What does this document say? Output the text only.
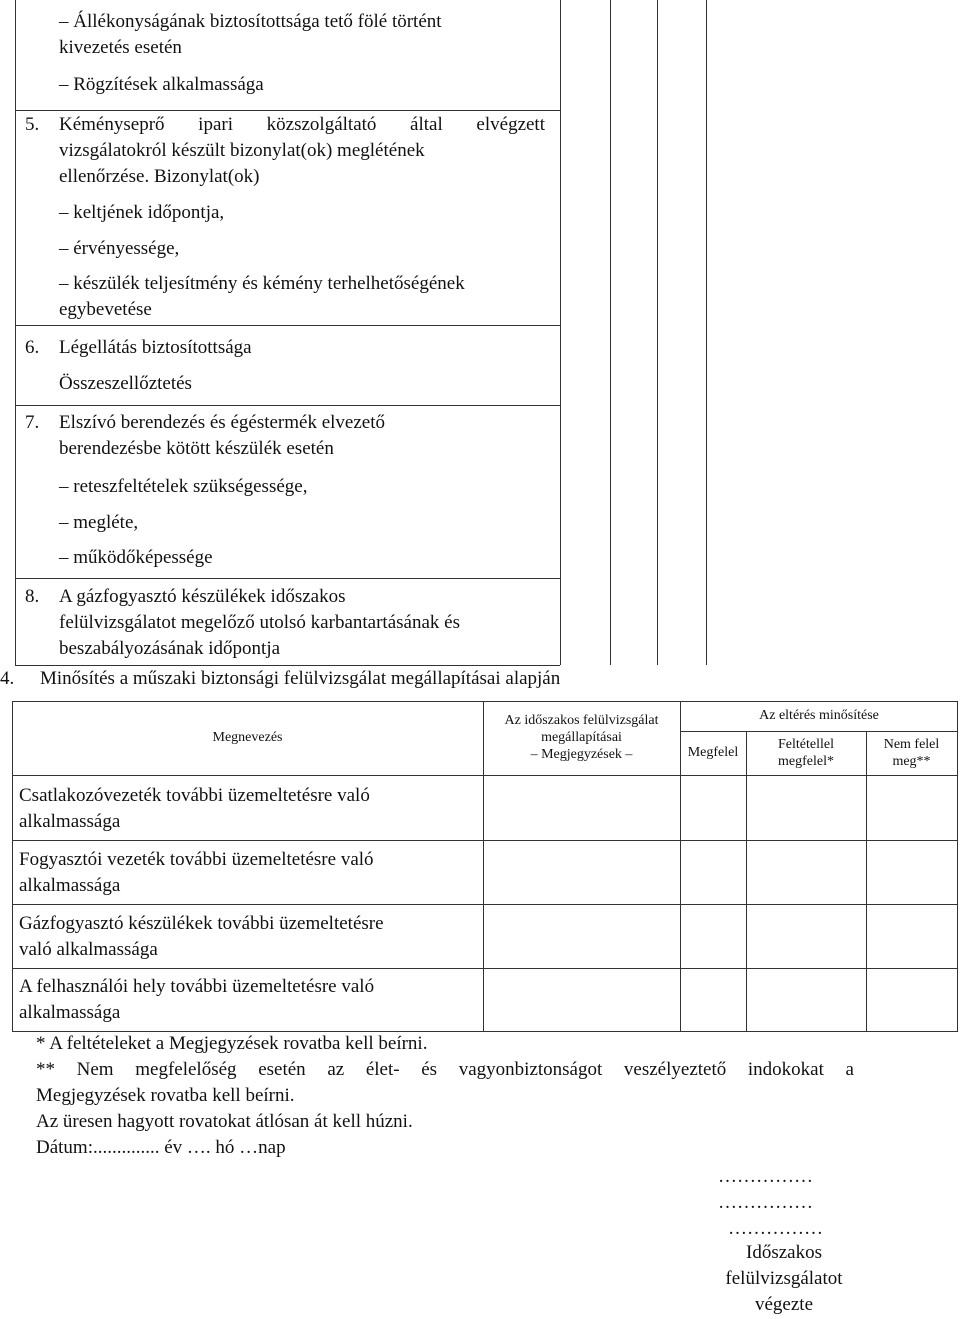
– Állékonyságának biztosítottsága tető fölé történt
kivezetés esetén
– Rögzítések alkalmassága
5. Kéményseprő ipari közszolgáltató által elvégzett
vizsgálatokról készült bizonylat(ok) meglétének
ellenőrzése. Bizonylat(ok)
– keltjének időpontja,
– érvényessége,
– készülék teljesítmény és kémény terhelhetőségének
egybevetése
6. Légellátás biztosítottsága
Összeszellőztetés
7. Elszívó berendezés és égéstermék elvezető
berendezésbe kötött készülék esetén
– reteszfeltételek szükségessége,
– megléte,
– működőképessége
8. A gázfogyasztó készülékek időszakos
felülvizsgálatot megelőző utolsó karbantartásának és
beszabályozásának időpontja
4. Minősítés a műszaki biztonsági felülvizsgálat megállapításai alapján
Megnevezés
Az időszakos felülvizsgálat
megállapításai
– Megjegyzések –
Az eltérés minősítése
Megfelel
Feltétellel
megfelel*
Nem felel
meg**
Csatlakozóvezeték további üzemeltetésre való
alkalmassága
Fogyasztói vezeték további üzemeltetésre való
alkalmassága
Gázfogyasztó készülékek további üzemeltetésre
való alkalmassága
A felhasználói hely további üzemeltetésre való
alkalmassága
* A feltételeket a Megjegyzések rovatba kell beírni.
** Nem megfelelőség esetén az élet- és vagyonbiztonságot veszélyeztető indokokat a
Megjegyzések rovatba kell beírni.
Az üresen hagyott rovatokat átlósan át kell húzni.
Dátum:.............. év …. hó …nap
……………
……………
……………
Időszakos
felülvizsgálatot
végezte
